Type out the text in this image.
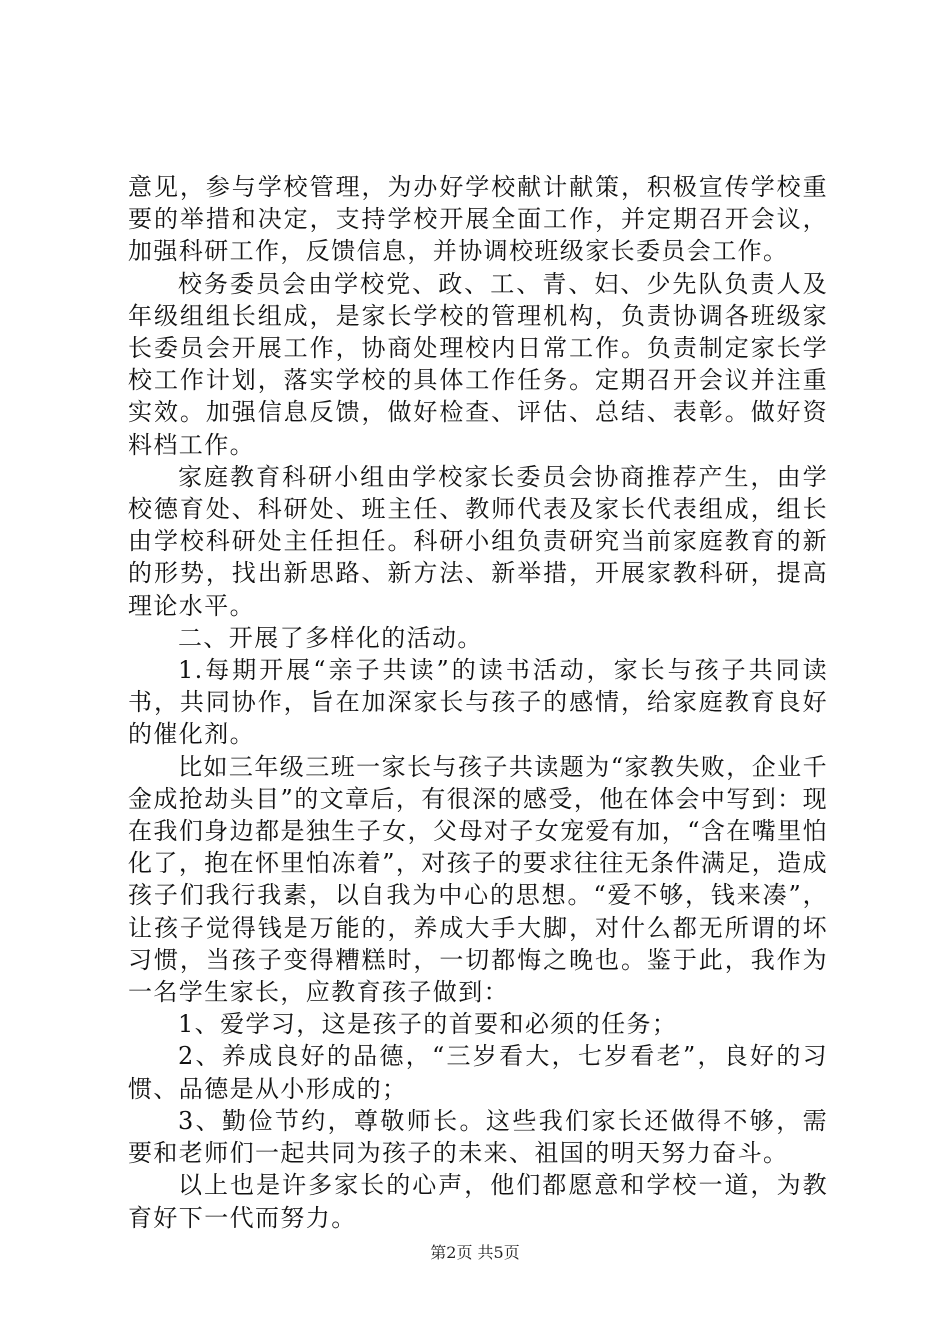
意见，参与学校管理，为办好学校献计献策，积极宣传学校重要的举措和决定，支持学校开展全面工作，并定期召开会议，加强科研工作，反馈信息，并协调校班级家长委员会工作。

校务委员会由学校党、政、工、青、妇、少先队负责人及年级组组长组成，是家长学校的管理机构，负责协调各班级家长委员会开展工作，协商处理校内日常工作。负责制定家长学校工作计划，落实学校的具体工作任务。定期召开会议并注重实效。加强信息反馈，做好检查、评估、总结、表彰。做好资料档工作。

家庭教育科研小组由学校家长委员会协商推荐产生，由学校德育处、科研处、班主任、教师代表及家长代表组成，组长由学校科研处主任担任。科研小组负责研究当前家庭教育的新的形势，找出新思路、新方法、新举措，开展家教科研，提高理论水平。

二、开展了多样化的活动。

1.每期开展“亲子共读”的读书活动，家长与孩子共同读书，共同协作，旨在加深家长与孩子的感情，给家庭教育良好的催化剂。

比如三年级三班一家长与孩子共读题为“家教失败，企业千金成抢劫头目”的文章后，有很深的感受，他在体会中写到：现在我们身边都是独生子女，父母对子女宠爱有加，“含在嘴里怕化了，抱在怀里怕冻着”，对孩子的要求往往无条件满足，造成孩子们我行我素，以自我为中心的思想。“爱不够，钱来凑”，让孩子觉得钱是万能的，养成大手大脚，对什么都无所谓的坏习惯，当孩子变得糟糕时，一切都悔之晚也。鉴于此，我作为一名学生家长，应教育孩子做到：

1、爱学习，这是孩子的首要和必须的任务；

2、养成良好的品德，“三岁看大，七岁看老”，良好的习惯、品德是从小形成的；

3、勤俭节约，尊敬师长。这些我们家长还做得不够，需要和老师们一起共同为孩子的未来、祖国的明天努力奋斗。

以上也是许多家长的心声，他们都愿意和学校一道，为教育好下一代而努力。

第2页 共5页
